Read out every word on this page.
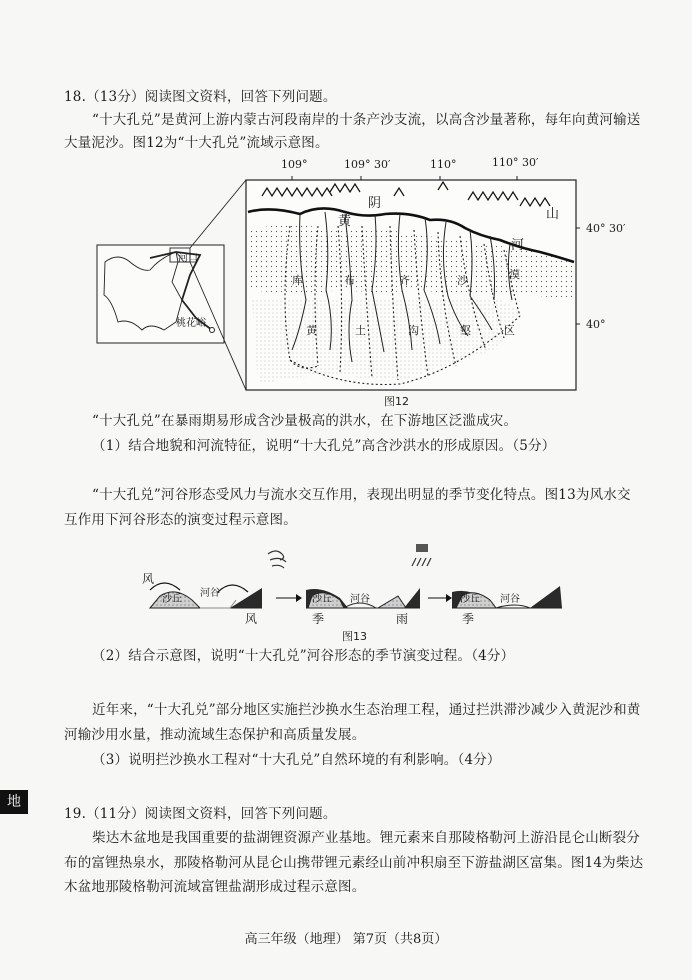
18.（13分）阅读图文资料，回答下列问题。
“十大孔兑”是黄河上游内蒙古河段南岸的十条产沙支流，以高含沙量著称，每年向黄河输送
大量泥沙。图12为“十大孔兑”流域示意图。
109°	109° 30′	110°	110° 30′
40° 30′
40°
阴
山
黄
河
库	布	齐	沙	漠
黄	土	沟	壑	区
河口
桃花峪
图12
“十大孔兑”在暴雨期易形成含沙量极高的洪水，在下游地区泛滥成灾。
（1）结合地貌和河流特征，说明“十大孔兑”高含沙洪水的形成原因。（5分）
“十大孔兑”河谷形态受风力与流水交互作用，表现出明显的季节变化特点。图13为风水交
互作用下河谷形态的演变过程示意图。
风
沙丘
河谷
沙丘 河谷	沙丘 河谷
风	季	雨	季
图13
（2）结合示意图，说明“十大孔兑”河谷形态的季节演变过程。（4分）
近年来，“十大孔兑”部分地区实施拦沙换水生态治理工程，通过拦洪滞沙减少入黄泥沙和黄
河输沙用水量，推动流域生态保护和高质量发展。
（3）说明拦沙换水工程对“十大孔兑”自然环境的有利影响。（4分）
地
19.（11分）阅读图文资料，回答下列问题。
柴达木盆地是我国重要的盐湖锂资源产业基地。锂元素来自那陵格勒河上游沿昆仑山断裂分
布的富锂热泉水，那陵格勒河从昆仑山携带锂元素经山前冲积扇至下游盐湖区富集。图14为柴达
木盆地那陵格勒河流域富锂盐湖形成过程示意图。
高三年级（地理） 第7页（共8页）
